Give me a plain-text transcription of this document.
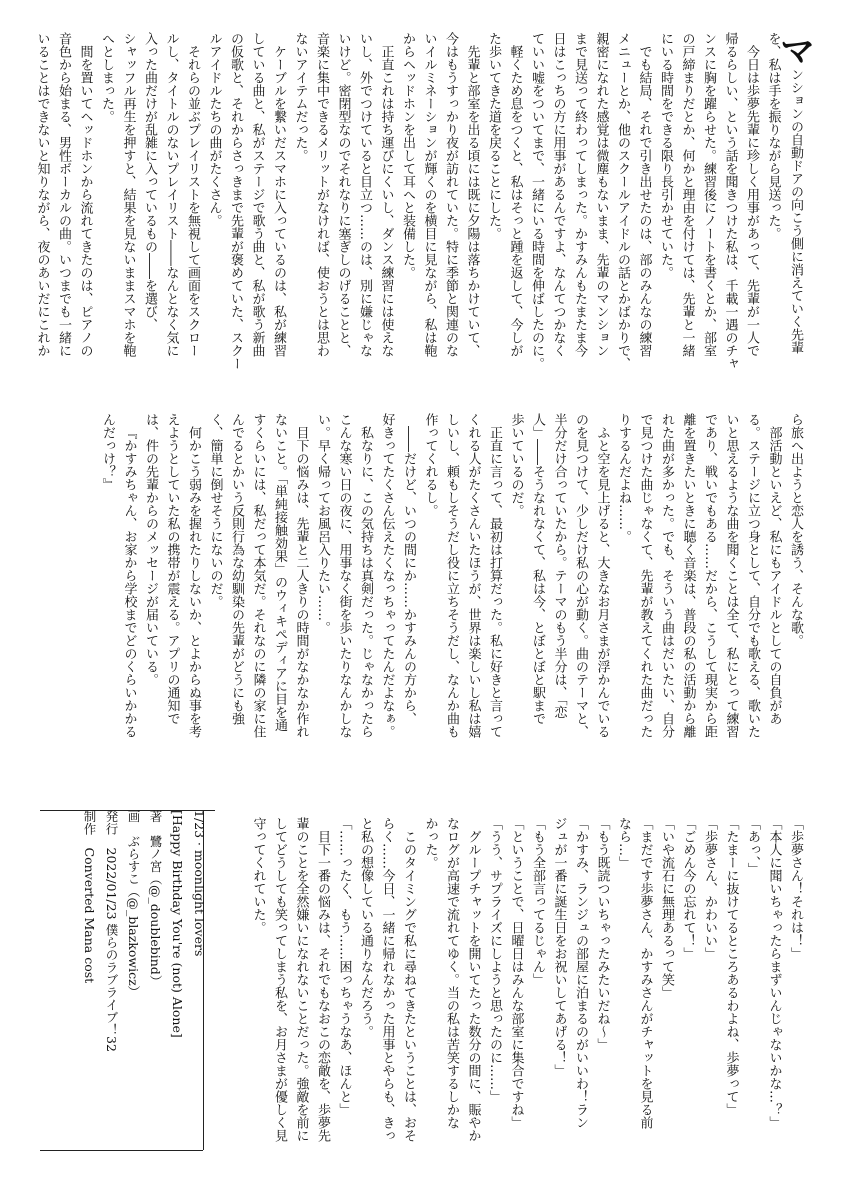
マンションの自動ドアの向こう側に消えていく先輩

を、私は手を振りながら見送った。

今日は歩夢先輩に珍しく用事があって、先輩が一人で

帰るらしい、という話を聞きつけた私は、千載一遇のチャ

ンスに胸を躍らせた。練習後にノートを書くとか、部室

の戸締まりだとか、何かと理由を付けては、先輩と一緒

にいる時間をできる限り長引かせていた。

でも結局、それで引き出せたのは、部のみんなの練習

メニューとか、他のスクールアイドルの話とかばかりで、

親密になれた感覚は微塵もないまま、先輩のマンション

まで見送って終わってしまった。かすみんもたまたま今

日はこっちの方に用事があるんですよ、なんてつかなく

ていい嘘をついてまで、一緒にいる時間を伸ばしたのに。

軽くため息をつくと、私はそっと踵を返して、今しが

た歩いてきた道を戻ることにした。

先輩と部室を出る頃には既に夕陽は落ちかけていて、

今はもうすっかり夜が訪れていた。特に季節と関連のな

いイルミネーションが輝くのを横目に見ながら、私は鞄

からヘッドホンを出して耳へと装備した。

正直これは持ち運びにくいし、ダンス練習には使えな

いし、外でつけていると目立つ……のは、別に嫌じゃな

いけど。密閉型なのでそれなりに塞ぎしのげることと、

音楽に集中できるメリットがなければ、使おうとは思わ

ないアイテムだった。

ケーブルを繋いだスマホに入っているのは、私が練習

している曲と、私がステージで歌う曲と、私が歌う新曲

の仮歌と、それからさっきまで先輩が褒めていた、スクー

ルアイドルたちの曲がたくさん。

それらの並ぶプレイリストを無視して画面をスクロー

ルし、タイトルのないプレイリスト――なんとなく気に

入った曲だけが乱雑に入っているもの――を選び、

シャッフル再生を押すと、結果を見ないままスマホを鞄

へとしまった。

間を置いてヘッドホンから流れてきたのは、ピアノの

音色から始まる、男性ボーカルの曲。いつまでも一緒に

いることはできないと知りながら、夜のあいだにこれか

ら旅へ出ようと恋人を誘う、そんな歌。

部活動といえど、私にもアイドルとしての自負があ

る。ステージに立つ身として、自分でも歌える、歌いた

いと思えるような曲を聞くことは全て、私にとって練習

であり、戦いでもある……だから、こうして現実から距

離を置きたいときに聴く音楽は、普段の私の活動から離

れた曲が多かった。でも、そういう曲はだいたい、自分

で見つけた曲じゃなくて、先輩が教えてくれた曲だった

りするんだよね……。

ふと空を見上げると、大きなお月さまが浮かんでいる

のを見つけて、少しだけ私の心が動く。曲のテーマと、

半分だけ合っていたから。テーマのもう半分は、「恋

人」――そうなれなくて、私は今、とぼとぼと駅まで

歩いているのだ。

正直に言って、最初は打算だった。私に好きと言って

くれる人がたくさんいたほうが、世界は楽しいし私は嬉

しいし、頼もしそうだし役に立ちそうだし、なんか曲も

作ってくれるし。

――だけど、いつの間にか……かすみんの方から、

好きってたくさん伝えたくなっちゃってたんだよなぁ。

私なりに、この気持ちは真剣だった。じゃなかったら

こんな寒い日の夜に、用事なく街を歩いたりなんかしな

い。早く帰ってお風呂入りたい……。

目下の悩みは、先輩と二人きりの時間がなかなか作れ

ないこと。「単純接触効果」のウィキペディアに目を通

すくらいには、私だって本気だ。それなのに隣の家に住

んでるとかいう反則行為な幼馴染の先輩がどうにも強

く、簡単に倒せそうにないのだ。

何かこう弱みを握れたりしないか、とよからぬ事を考

えようとしていた私の携帯が震える。アプリの通知で

は、件の先輩からのメッセージが届いている。

『かすみちゃん、お家から学校までどのくらいかかる

んだっけ？』

「歩夢さん！それは！」

「本人に聞いちゃったらまずいんじゃないかな…？」

「あっ、」

「たまーに抜けてるところあるわよね、歩夢って」

「歩夢さん、かわいい」

「ごめん今の忘れて！」

「いや流石に無理あるって笑」

「まだです歩夢さん、かすみさんがチャットを見る前

なら…」

「もう既読ついちゃったみたいだね～」

「かすみ、ランジュの部屋に泊まるのがいいわ！ラン

ジュが一番に誕生日をお祝いしてあげる！」

「もう全部言ってるじゃん」

「ということで、日曜日はみんな部室に集合ですね」

「うう、サプライズにしようと思ったのに……」

グループチャットを開いてたった数分の間に、賑やか

なログが高速で流れてゆく。当の私は苦笑するしかな

かった。

このタイミングで私に尋ねてきたということは、おそ

らく……今日、一緒に帰れなかった用事とやらも、きっ

と私の想像している通りなんだろう。

「……ったく、もう……困っちゃうなあ、ほんと」

目下一番の悩みは、それでもなおこの恋敵を、歩夢先

輩のことを全然嫌いになれないことだった。強敵を前に

してどうしても笑ってしまう私を、お月さまが優しく見

守ってくれていた。

1/23 · moonlight lovers

[Happy Birthday You're (not) Alone]

著　鷺ノ宮（@_doublebind）

画　ぶらすこ（@_blazkowicz）

発行　2022/01/23 僕らのラブライブ！32

制作　Converted Mana cost
